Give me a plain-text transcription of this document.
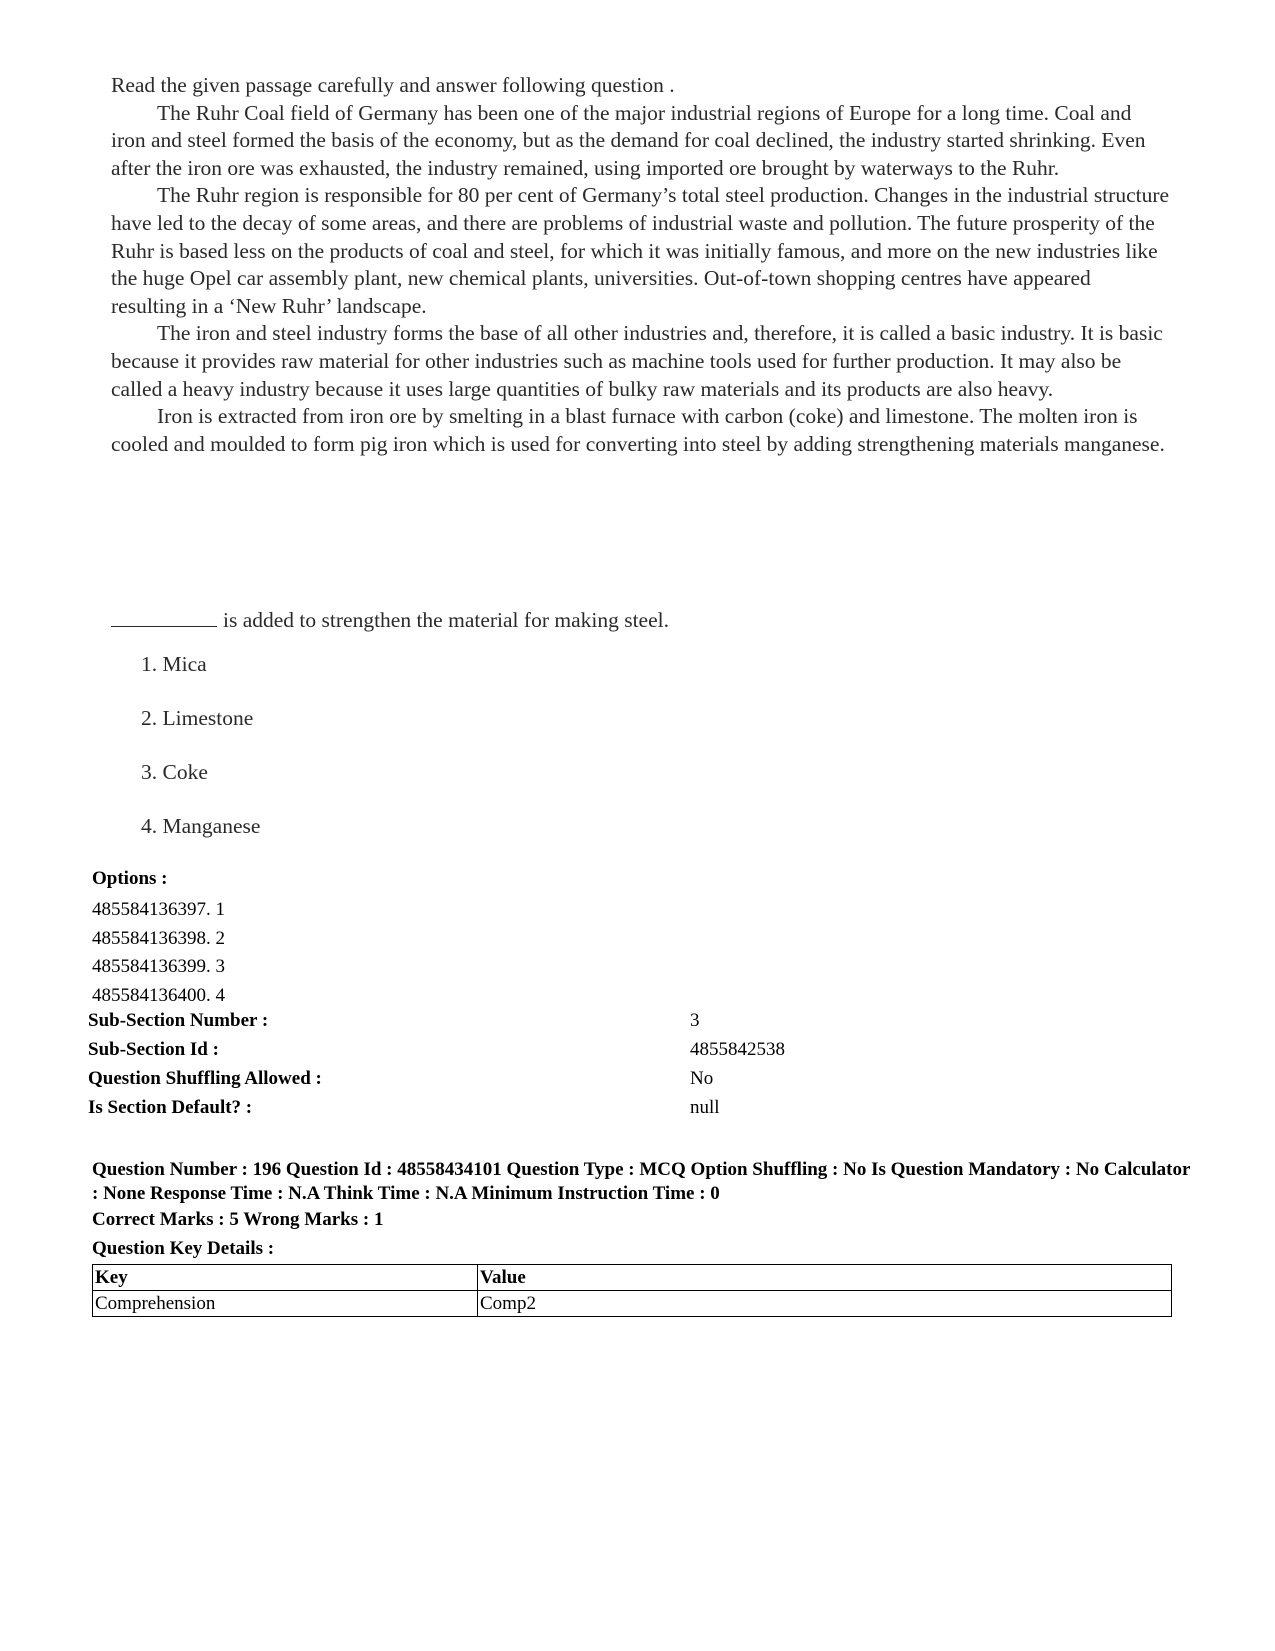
Read the given passage carefully and answer following question .

The Ruhr Coal field of Germany has been one of the major industrial regions of Europe for a long time. Coal and iron and steel formed the basis of the economy, but as the demand for coal declined, the industry started shrinking. Even after the iron ore was exhausted, the industry remained, using imported ore brought by waterways to the Ruhr.

The Ruhr region is responsible for 80 per cent of Germany’s total steel production. Changes in the industrial structure have led to the decay of some areas, and there are problems of industrial waste and pollution. The future prosperity of the Ruhr is based less on the products of coal and steel, for which it was initially famous, and more on the new industries like the huge Opel car assembly plant, new chemical plants, universities. Out-of-town shopping centres have appeared resulting in a ‘New Ruhr’ landscape.

The iron and steel industry forms the base of all other industries and, therefore, it is called a basic industry. It is basic because it provides raw material for other industries such as machine tools used for further production. It may also be called a heavy industry because it uses large quantities of bulky raw materials and its products are also heavy.

Iron is extracted from iron ore by smelting in a blast furnace with carbon (coke) and limestone. The molten iron is cooled and moulded to form pig iron which is used for converting into steel by adding strengthening materials manganese.

is added to strengthen the material for making steel.
1. Mica
2. Limestone
3. Coke
4. Manganese
Options :
485584136397. 1
485584136398. 2
485584136399. 3
485584136400. 4
Sub-Section Number :	3
Sub-Section Id :	4855842538
Question Shuffling Allowed :	No
Is Section Default? :	null
Question Number : 196 Question Id : 48558434101 Question Type : MCQ Option Shuffling : No Is Question Mandatory : No Calculator : None Response Time : N.A Think Time : N.A Minimum Instruction Time : 0
Correct Marks : 5 Wrong Marks : 1
Question Key Details :
Key	Value
Comprehension	Comp2
